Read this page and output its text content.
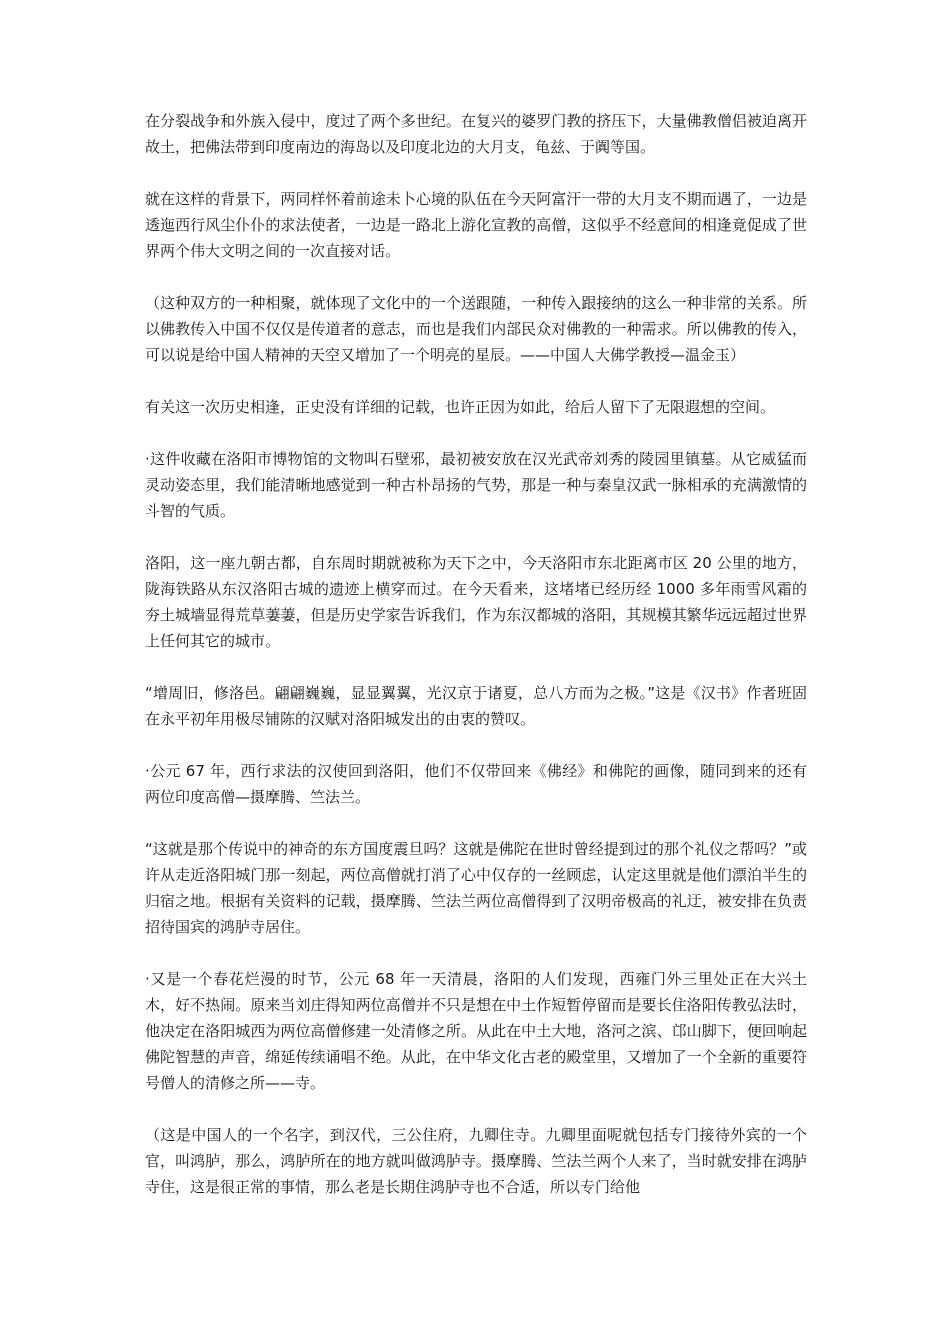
在分裂战争和外族入侵中，度过了两个多世纪。在复兴的婆罗门教的挤压下，大量佛教僧侣被迫离开故土，把佛法带到印度南边的海岛以及印度北边的大月支，龟兹、于阗等国。

就在这样的背景下，两同样怀着前途未卜心境的队伍在今天阿富汗一带的大月支不期而遇了，一边是透迤西行风尘仆仆的求法使者，一边是一路北上游化宣教的高僧，这似乎不经意间的相逢竟促成了世界两个伟大文明之间的一次直接对话。

（这种双方的一种相聚，就体现了文化中的一个送跟随，一种传入跟接纳的这么一种非常的关系。所以佛教传入中国不仅仅是传道者的意志，而也是我们内部民众对佛教的一种需求。所以佛教的传入，可以说是给中国人精神的天空又增加了一个明亮的星辰。——中国人大佛学教授—温金玉）

有关这一次历史相逢，正史没有详细的记载，也许正因为如此，给后人留下了无限遐想的空间。

·这件收藏在洛阳市博物馆的文物叫石壁邪，最初被安放在汉光武帝刘秀的陵园里镇墓。从它威猛而灵动姿态里，我们能清晰地感觉到一种古朴昂扬的气势，那是一种与秦皇汉武一脉相承的充满激情的斗智的气质。

洛阳，这一座九朝古都，自东周时期就被称为天下之中，今天洛阳市东北距离市区 20 公里的地方，陇海铁路从东汉洛阳古城的遗迹上横穿而过。在今天看来，这堵堵已经历经 1000 多年雨雪风霜的夯土城墙显得荒草萋萋，但是历史学家告诉我们，作为东汉都城的洛阳，其规模其繁华远远超过世界上任何其它的城市。

“增周旧，修洛邑。翩翩巍巍，显显翼翼，光汉京于诸夏，总八方而为之极。”这是《汉书》作者班固在永平初年用极尽铺陈的汉赋对洛阳城发出的由衷的赞叹。

·公元 67 年，西行求法的汉使回到洛阳，他们不仅带回来《佛经》和佛陀的画像，随同到来的还有两位印度高僧—摄摩腾、竺法兰。

“这就是那个传说中的神奇的东方国度震旦吗？这就是佛陀在世时曾经提到过的那个礼仪之帮吗？”或许从走近洛阳城门那一刻起，两位高僧就打消了心中仅存的一丝顾虑，认定这里就是他们漂泊半生的归宿之地。根据有关资料的记载，摄摩腾、竺法兰两位高僧得到了汉明帝极高的礼迂，被安排在负责招待国宾的鸿胪寺居住。

·又是一个春花烂漫的时节，公元 68 年一天清晨，洛阳的人们发现，西雍门外三里处正在大兴土木，好不热闹。原来当刘庄得知两位高僧并不只是想在中土作短暂停留而是要长住洛阳传教弘法时，他决定在洛阳城西为两位高僧修建一处清修之所。从此在中土大地，洛河之滨、邙山脚下，便回响起佛陀智慧的声音，绵延传续诵唱不绝。从此，在中华文化古老的殿堂里，又增加了一个全新的重要符号僧人的清修之所——寺。

（这是中国人的一个名字，到汉代，三公住府，九卿住寺。九卿里面呢就包括专门接待外宾的一个官，叫鸿胪，那么，鸿胪所在的地方就叫做鸿胪寺。摄摩腾、竺法兰两个人来了，当时就安排在鸿胪寺住，这是很正常的事情，那么老是长期住鸿胪寺也不合适，所以专门给他
